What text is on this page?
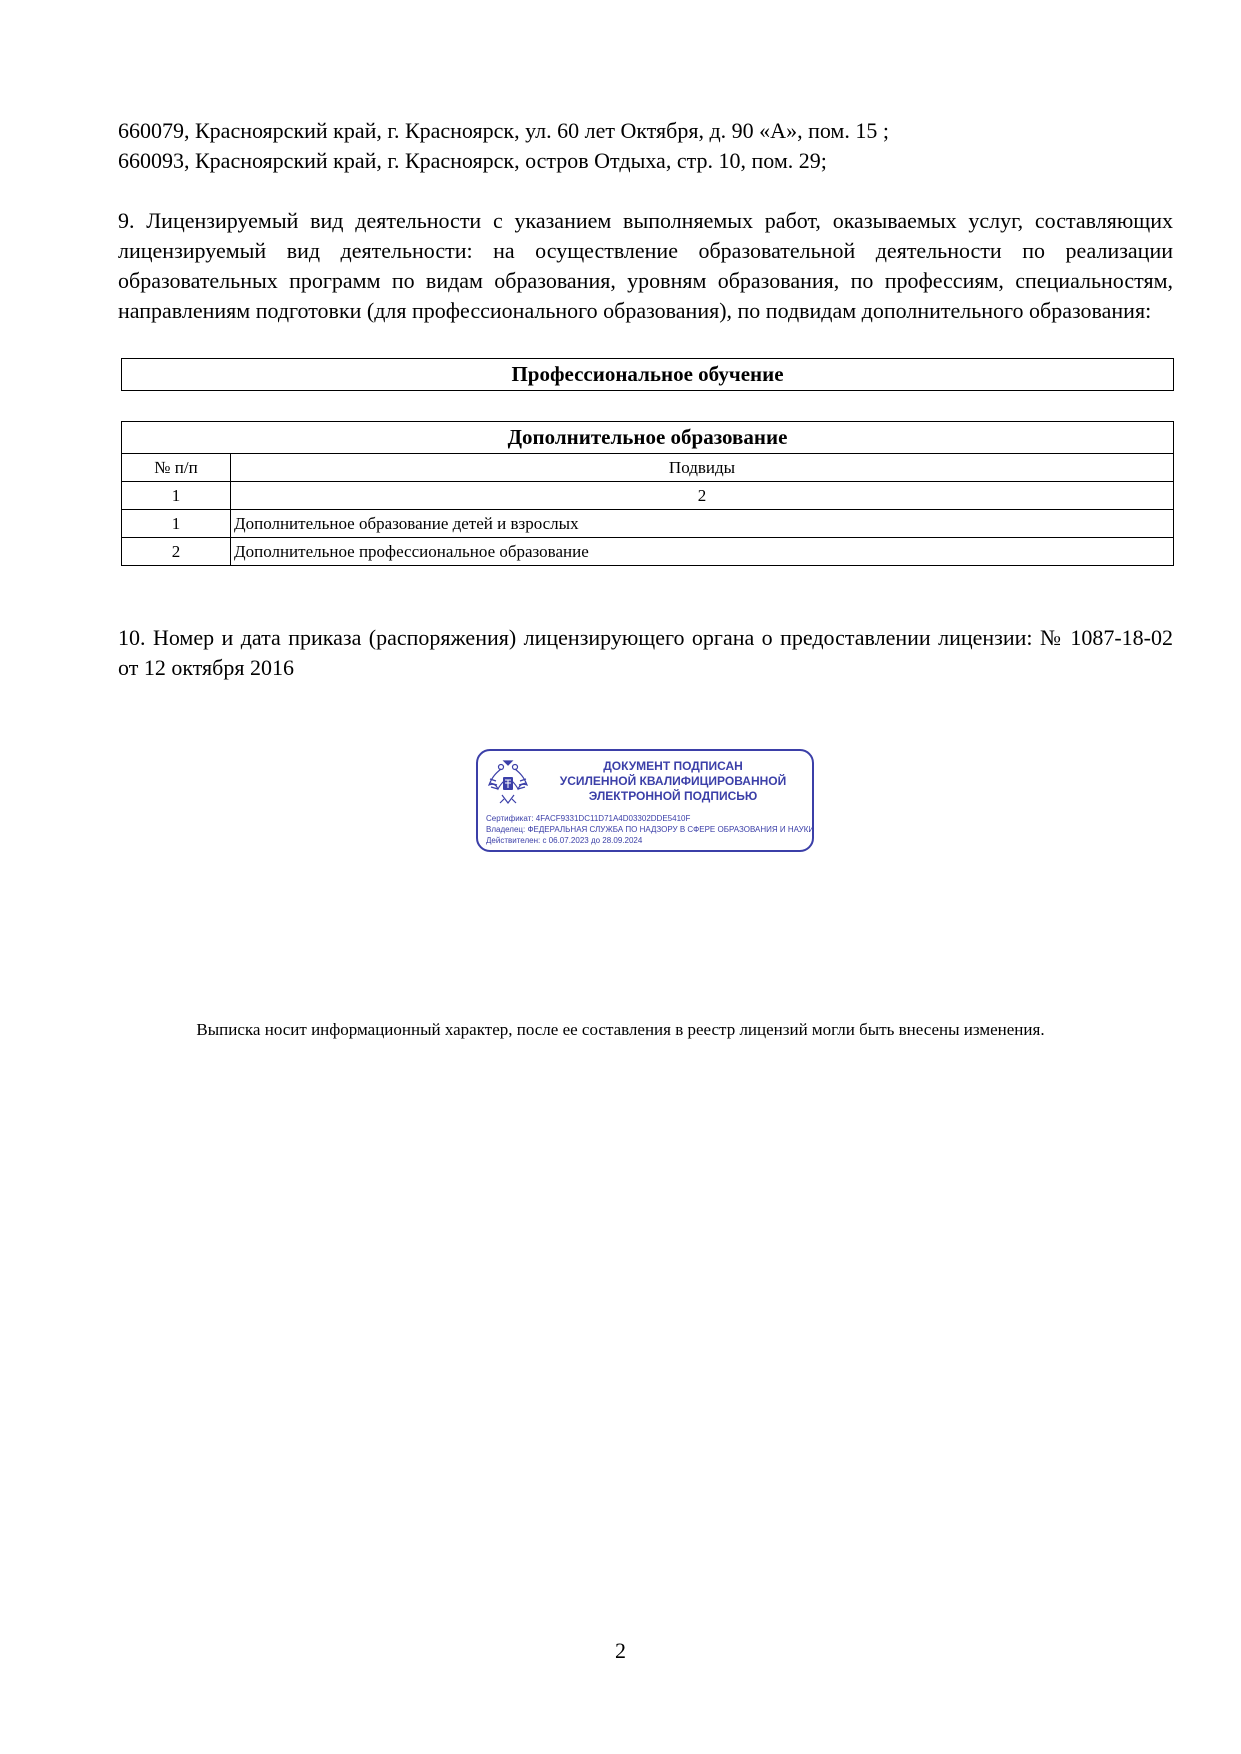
660079, Красноярский край, г. Красноярск, ул. 60 лет Октября, д. 90 «А», пом. 15 ;
660093, Красноярский край, г. Красноярск, остров Отдыха, стр. 10, пом. 29;
9. Лицензируемый вид деятельности с указанием выполняемых работ, оказываемых услуг, составляющих лицензируемый вид деятельности: на осуществление образовательной деятельности по реализации образовательных программ по видам образования, уровням образования, по профессиям, специальностям, направлениям подготовки (для профессионального образования), по подвидам дополнительного образования:
Профессиональное обучение
Дополнительное образование	
№ п/п	Подвиды
1	2
1	Дополнительное образование детей и взрослых
2	Дополнительное профессиональное образование
10. Номер и дата приказа (распоряжения) лицензирующего органа о предоставлении лицензии: № 1087-18-02 от 12 октября 2016
ДОКУМЕНТ ПОДПИСАН
УСИЛЕННОЙ КВАЛИФИЦИРОВАННОЙ
ЭЛЕКТРОННОЙ ПОДПИСЬЮ
Сертификат: 4FACF9331DC11D71A4D03302DDE5410F
Владелец: ФЕДЕРАЛЬНАЯ СЛУЖБА ПО НАДЗОРУ В СФЕРЕ ОБРАЗОВАНИЯ И НАУКИ
Действителен: с 06.07.2023 до 28.09.2024
Выписка носит информационный характер, после ее составления в реестр лицензий могли быть внесены изменения.
2
